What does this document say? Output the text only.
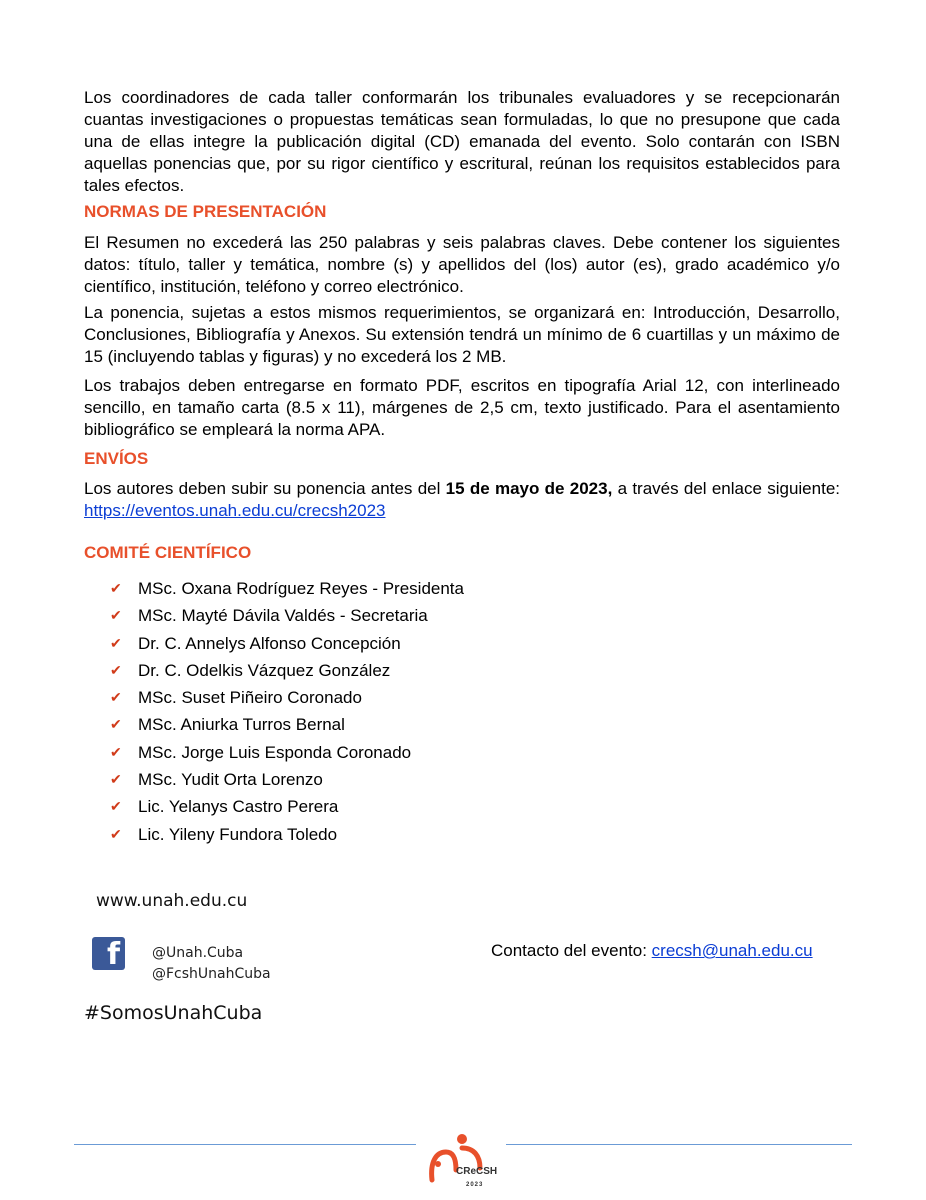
Los coordinadores de cada taller conformarán los tribunales evaluadores y se recepcionarán cuantas investigaciones o propuestas temáticas sean formuladas, lo que no presupone que cada una de ellas integre la publicación digital (CD) emanada del evento. Solo contarán con ISBN aquellas ponencias que, por su rigor científico y escritural, reúnan los requisitos establecidos para tales efectos.

NORMAS DE PRESENTACIÓN

El Resumen no excederá las 250 palabras y seis palabras claves. Debe contener los siguientes datos: título, taller y temática, nombre (s) y apellidos del (los) autor (es), grado académico y/o científico, institución, teléfono y correo electrónico.

La ponencia, sujetas a estos mismos requerimientos, se organizará en: Introducción, Desarrollo, Conclusiones, Bibliografía y Anexos. Su extensión tendrá un mínimo de 6 cuartillas y un máximo de 15 (incluyendo tablas y figuras) y no excederá los 2 MB.

Los trabajos deben entregarse en formato PDF, escritos en tipografía Arial 12, con interlineado sencillo, en tamaño carta (8.5 x 11), márgenes de 2,5 cm, texto justificado. Para el asentamiento bibliográfico se empleará la norma APA.

ENVÍOS

Los autores deben subir su ponencia antes del 15 de mayo de 2023, a través del enlace siguiente: https://eventos.unah.edu.cu/crecsh2023

COMITÉ CIENTÍFICO
✔ MSc. Oxana Rodríguez Reyes - Presidenta
✔ MSc. Mayté Dávila Valdés - Secretaria
✔ Dr. C. Annelys Alfonso Concepción
✔ Dr. C. Odelkis Vázquez González
✔ MSc. Suset Piñeiro Coronado
✔ MSc. Aniurka Turros Bernal
✔ MSc. Jorge Luis Esponda Coronado
✔ MSc. Yudit Orta Lorenzo
✔ Lic. Yelanys Castro Perera
✔ Lic. Yileny Fundora Toledo
www.unah.edu.cu
f @Unah.Cuba
@FcshUnahCuba
Contacto del evento: crecsh@unah.edu.cu
#SomosUnahCuba
CReCSH
2023
